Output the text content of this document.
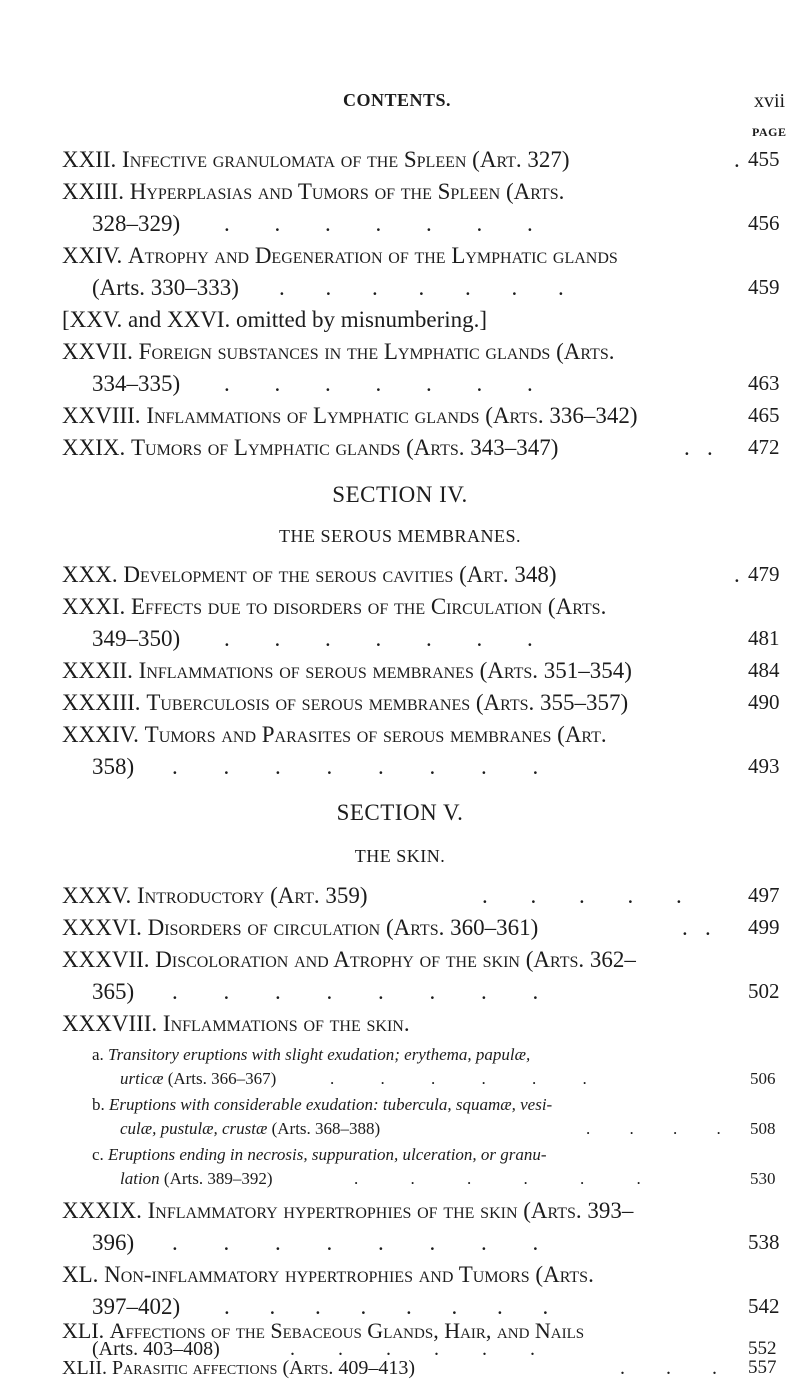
CONTENTS.	xvii
PAGE
XXII. Infective granulomata of the Spleen (Art. 327)	. 455
XXIII. Hyperplasias and Tumors of the Spleen (Arts.
328–329) . . . . . . .	456
XXIV. Atrophy and Degeneration of the Lymphatic glands
(Arts. 330–333) . . . . . . .	459
[XXV. and XXVI. omitted by misnumbering.]
XXVII. Foreign substances in the Lymphatic glands (Arts.
334–335) . . . . . . .	463
XXVIII. Inflammations of Lymphatic glands (Arts. 336–342)	465
XXIX. Tumors of Lymphatic glands (Arts. 343–347)	.   . 472
SECTION IV.
THE SEROUS MEMBRANES.
XXX. Development of the serous cavities (Art. 348)	. 479
XXXI. Effects due to disorders of the Circulation (Arts.
349–350) . . . . . . .	481
XXXII. Inflammations of serous membranes (Arts. 351–354)	484
XXXIII. Tuberculosis of serous membranes (Arts. 355–357)	490
XXXIV. Tumors and Parasites of serous membranes (Art.
358) . . . . . . . .	493
SECTION V.
THE SKIN.
XXXV. Introductory (Art. 359)	. . . . .	497
XXXVI. Disorders of circulation (Arts. 360–361)	.   . 499
XXXVII. Discoloration and Atrophy of the skin (Arts. 362–
365) . . . . . . . .	502
XXXVIII. Inflammations of the skin.
a. Transitory eruptions with slight exudation; erythema, papulæ,
urticæ (Arts. 366–367)	. . . . . .	506
b. Eruptions with considerable exudation: tubercula, squamæ, vesi-
culæ, pustulæ, crustæ (Arts. 368–388)	. . . . 508
c. Eruptions ending in necrosis, suppuration, ulceration, or granu-
lation (Arts. 389–392)	. . . . . .	530
XXXIX. Inflammatory hypertrophies of the skin (Arts. 393–
396) . . . . . . . .	538
XL. Non-inflammatory hypertrophies and Tumors (Arts.
397–402) . . . . . . . .	542
XLI. Affections of the Sebaceous Glands, Hair, and Nails
(Arts. 403–408)	. . . . . .	552
XLII. Parasitic affections (Arts. 409–413)	. . . 557
